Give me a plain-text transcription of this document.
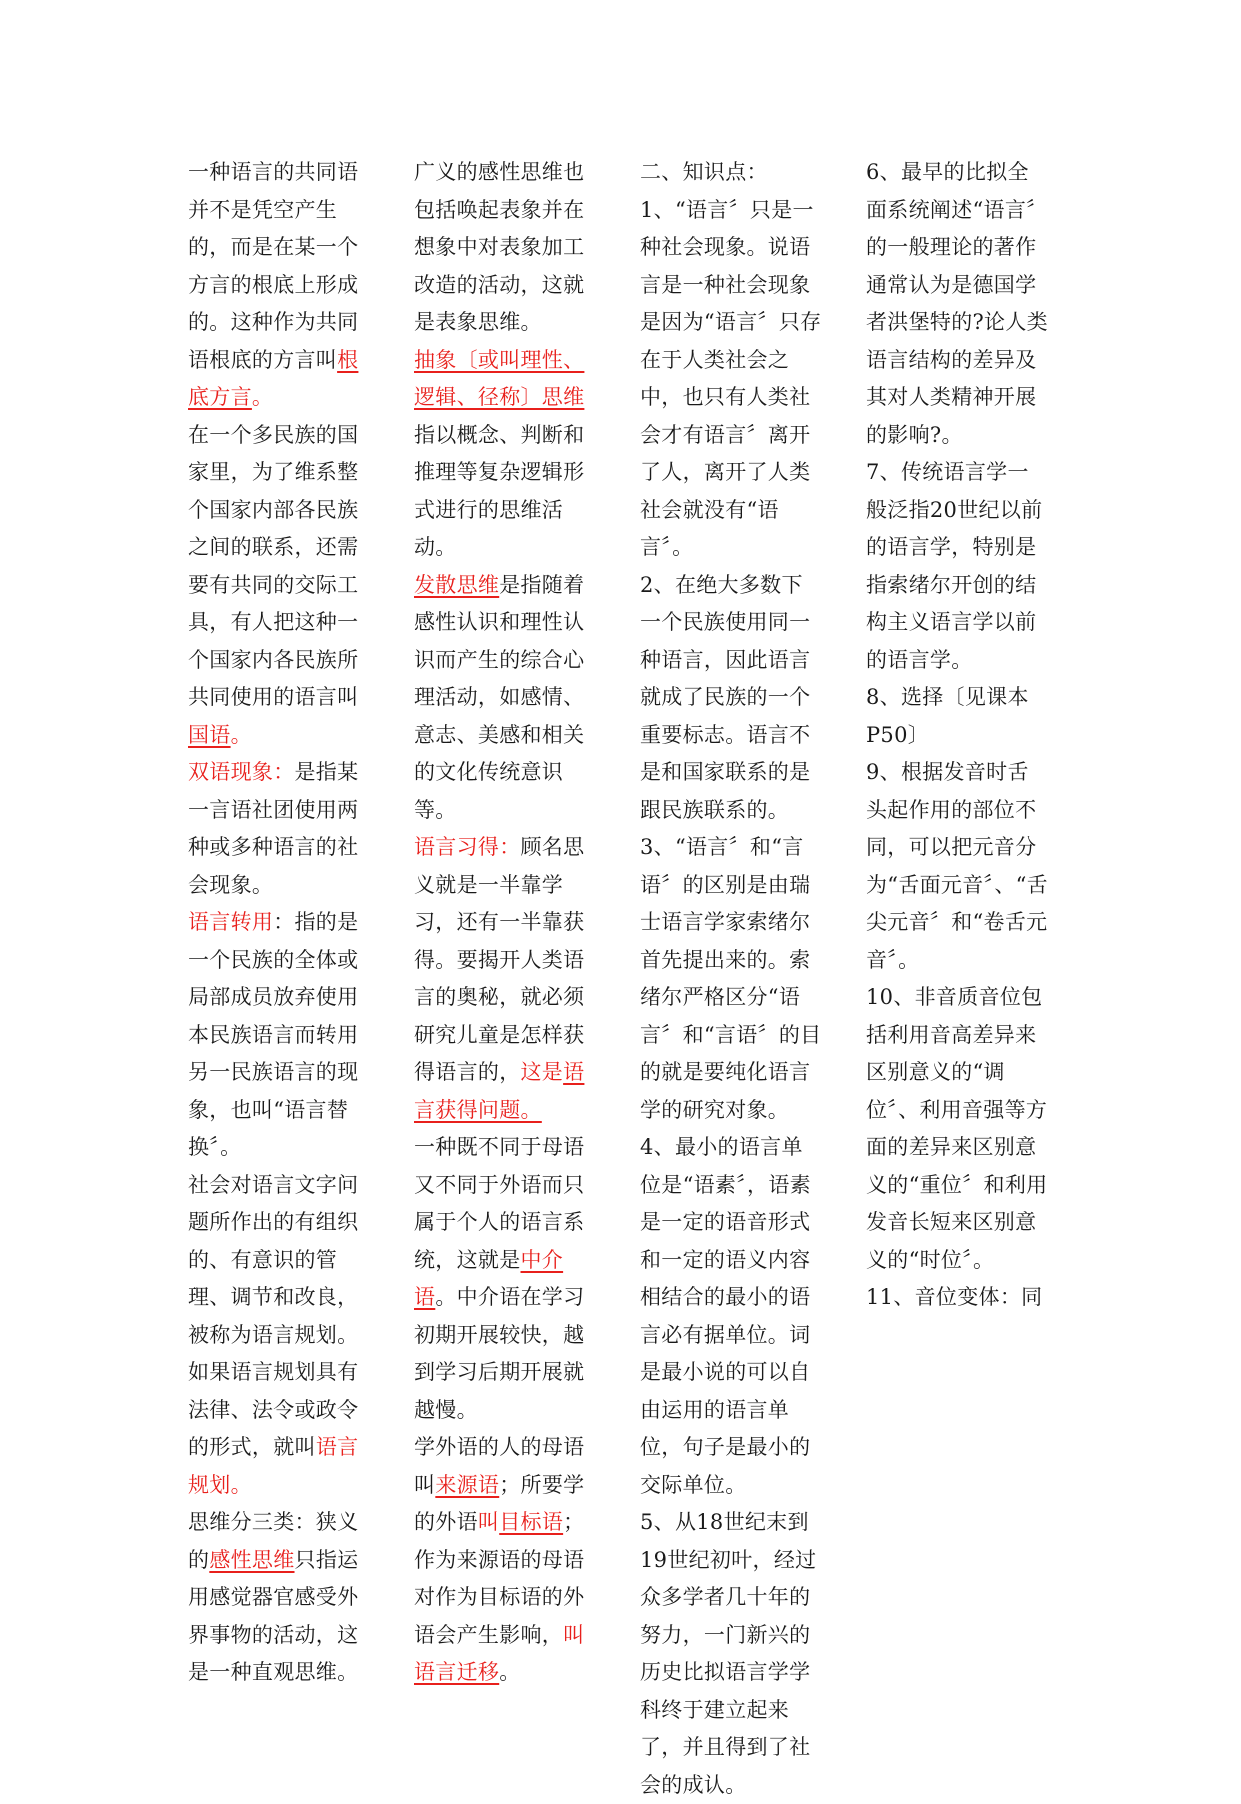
一种语言的共同语并不是凭空产生的，而是在某一个方言的根底上形成的。这种作为共同语根底的方言叫根底方言。

在一个多民族的国家里，为了维系整个国家内部各民族之间的联系，还需要有共同的交际工具，有人把这种一个国家内各民族所共同使用的语言叫国语。

双语现象：是指某一言语社团使用两种或多种语言的社会现象。

语言转用：指的是一个民族的全体或局部成员放弃使用本民族语言而转用另一民族语言的现象，也叫“语言替换〞。

社会对语言文字问题所作出的有组织的、有意识的管理、调节和改良，被称为语言规划。如果语言规划具有法律、法令或政令的形式，就叫语言规划。

思维分三类：狭义的感性思维只指运用感觉器官感受外界事物的活动，这是一种直观思维。

广义的感性思维也包括唤起表象并在想象中对表象加工改造的活动，这就是表象思维。

抽象〔或叫理性、逻辑、径称〕思维指以概念、判断和推理等复杂逻辑形式进行的思维活动。

发散思维是指随着感性认识和理性认识而产生的综合心理活动，如感情、意志、美感和相关的文化传统意识等。

语言习得：顾名思义就是一半靠学习，还有一半靠获得。要揭开人类语言的奥秘，就必须研究儿童是怎样获得语言的，这是语言获得问题。

一种既不同于母语又不同于外语而只属于个人的语言系统，这就是中介语。中介语在学习初期开展较快，越到学习后期开展就越慢。

学外语的人的母语叫来源语；所要学的外语叫目标语；作为来源语的母语对作为目标语的外语会产生影响，叫语言迁移。

二、知识点：

1、“语言〞只是一种社会现象。说语言是一种社会现象是因为“语言〞只存在于人类社会之中，也只有人类社会才有语言〞离开了人，离开了人类社会就没有“语言〞。

2、在绝大多数下一个民族使用同一种语言，因此语言就成了民族的一个重要标志。语言不是和国家联系的是跟民族联系的。

3、“语言〞和“言语〞的区别是由瑞士语言学家索绪尔首先提出来的。索绪尔严格区分“语言〞和“言语〞的目的就是要纯化语言学的研究对象。

4、最小的语言单位是“语素〞，语素是一定的语音形式和一定的语义内容相结合的最小的语言必有据单位。词是最小说的可以自由运用的语言单位，句子是最小的交际单位。

5、从18世纪末到19世纪初叶，经过众多学者几十年的努力，一门新兴的历史比拟语言学学科终于建立起来了，并且得到了社会的成认。

6、最早的比拟全面系统阐述“语言〞的一般理论的著作通常认为是德国学者洪堡特的?论人类语言结构的差异及其对人类精神开展的影响?。

7、传统语言学一般泛指20世纪以前的语言学，特别是指索绪尔开创的结构主义语言学以前的语言学。

8、选择〔见课本P50〕

9、根据发音时舌头起作用的部位不同，可以把元音分为“舌面元音〞、“舌尖元音〞和“卷舌元音〞。

10、非音质音位包括利用音高差异来区别意义的“调位〞、利用音强等方面的差异来区别意义的“重位〞和利用发音长短来区别意义的“时位〞。

11、音位变体：同
